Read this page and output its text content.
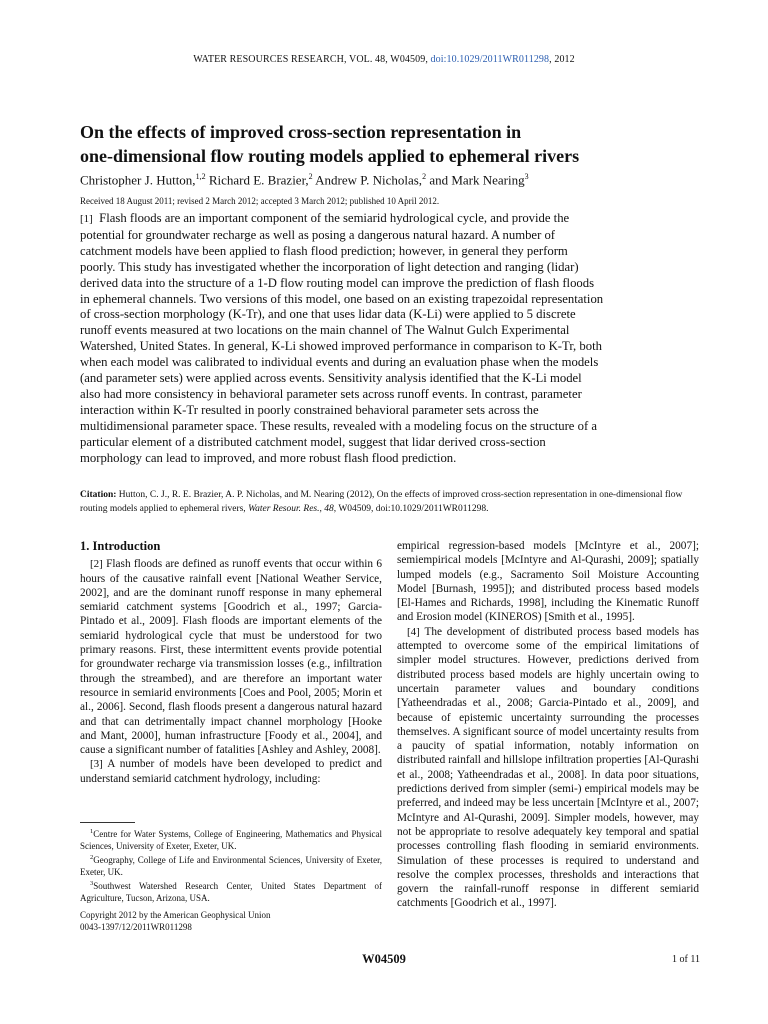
WATER RESOURCES RESEARCH, VOL. 48, W04509, doi:10.1029/2011WR011298, 2012
On the effects of improved cross-section representation in
one-dimensional flow routing models applied to ephemeral rivers
Christopher J. Hutton,$^{1,2}$ Richard E. Brazier,$^2$ Andrew P. Nicholas,$^2$ and Mark Nearing$^3$
Received 18 August 2011; revised 2 March 2012; accepted 3 March 2012; published 10 April 2012.

[1] Flash floods are an important component of the semiarid hydrological cycle, and provide the potential for groundwater recharge as well as posing a dangerous natural hazard. A number of catchment models have been applied to flash flood prediction; however, in general they perform poorly. This study has investigated whether the incorporation of light detection and ranging (lidar) derived data into the structure of a 1-D flow routing model can improve the prediction of flash floods in ephemeral channels. Two versions of this model, one based on an existing trapezoidal representation of cross-section morphology (K-Tr), and one that uses lidar data (K-Li) were applied to 5 discrete runoff events measured at two locations on the main channel of The Walnut Gulch Experimental Watershed, United States. In general, K-Li showed improved performance in comparison to K-Tr, both when each model was calibrated to individual events and during an evaluation phase when the models (and parameter sets) were applied across events. Sensitivity analysis identified that the K-Li model also had more consistency in behavioral parameter sets across runoff events. In contrast, parameter interaction within K-Tr resulted in poorly constrained behavioral parameter sets across the multidimensional parameter space. These results, revealed with a modeling focus on the structure of a particular element of a distributed catchment model, suggest that lidar derived cross-section morphology can lead to improved, and more robust flash flood prediction.

Citation: Hutton, C. J., R. E. Brazier, A. P. Nicholas, and M. Nearing (2012), On the effects of improved cross-section representation in one-dimensional flow routing models applied to ephemeral rivers, Water Resour. Res., 48, W04509, doi:10.1029/2011WR011298.

1. Introduction

[2] Flash floods are defined as runoff events that occur within 6 hours of the causative rainfall event [National Weather Service, 2002], and are the dominant runoff response in many ephemeral semiarid catchment systems [Goodrich et al., 1997; Garcia-Pintado et al., 2009]. Flash floods are important elements of the semiarid hydrological cycle that must be understood for two primary reasons. First, these intermittent events provide potential for groundwater recharge via transmission losses (e.g., infiltration through the streambed), and are therefore an important water resource in semiarid environments [Coes and Pool, 2005; Morin et al., 2006]. Second, flash floods present a dangerous natural hazard and that can detrimentally impact channel morphology [Hooke and Mant, 2000], human infrastructure [Foody et al., 2004], and cause a significant number of fatalities [Ashley and Ashley, 2008].

[3] A number of models have been developed to predict and understand semiarid catchment hydrology, including:

$^1$Centre for Water Systems, College of Engineering, Mathematics and Physical Sciences, University of Exeter, Exeter, UK.

$^2$Geography, College of Life and Environmental Sciences, University of Exeter, Exeter, UK.

$^3$Southwest Watershed Research Center, United States Department of Agriculture, Tucson, Arizona, USA.

Copyright 2012 by the American Geophysical Union
0043-1397/12/2011WR011298

empirical regression-based models [McIntyre et al., 2007]; semiempirical models [McIntyre and Al-Qurashi, 2009]; spatially lumped models (e.g., Sacramento Soil Moisture Accounting Model [Burnash, 1995]); and distributed process based models [El-Hames and Richards, 1998], including the Kinematic Runoff and Erosion model (KINEROS) [Smith et al., 1995].

[4] The development of distributed process based models has attempted to overcome some of the empirical limitations of simpler model structures. However, predictions derived from distributed process based models are highly uncertain owing to uncertain parameter values and boundary conditions [Yatheendradas et al., 2008; Garcia-Pintado et al., 2009], and because of epistemic uncertainty surrounding the processes themselves. A significant source of model uncertainty results from a paucity of spatial information, notably information on distributed rainfall and hillslope infiltration properties [Al-Qurashi et al., 2008; Yatheendradas et al., 2008]. In data poor situations, predictions derived from simpler (semi-) empirical models may be preferred, and indeed may be less uncertain [McIntyre et al., 2007; McIntyre and Al-Qurashi, 2009]. Simpler models, however, may not be appropriate to resolve adequately key temporal and spatial processes controlling flash flooding in semiarid environments. Simulation of these processes is required to understand and resolve the complex processes, thresholds and interactions that govern the rainfall-runoff response in different semiarid catchments [Goodrich et al., 1997].

W04509	1 of 11
